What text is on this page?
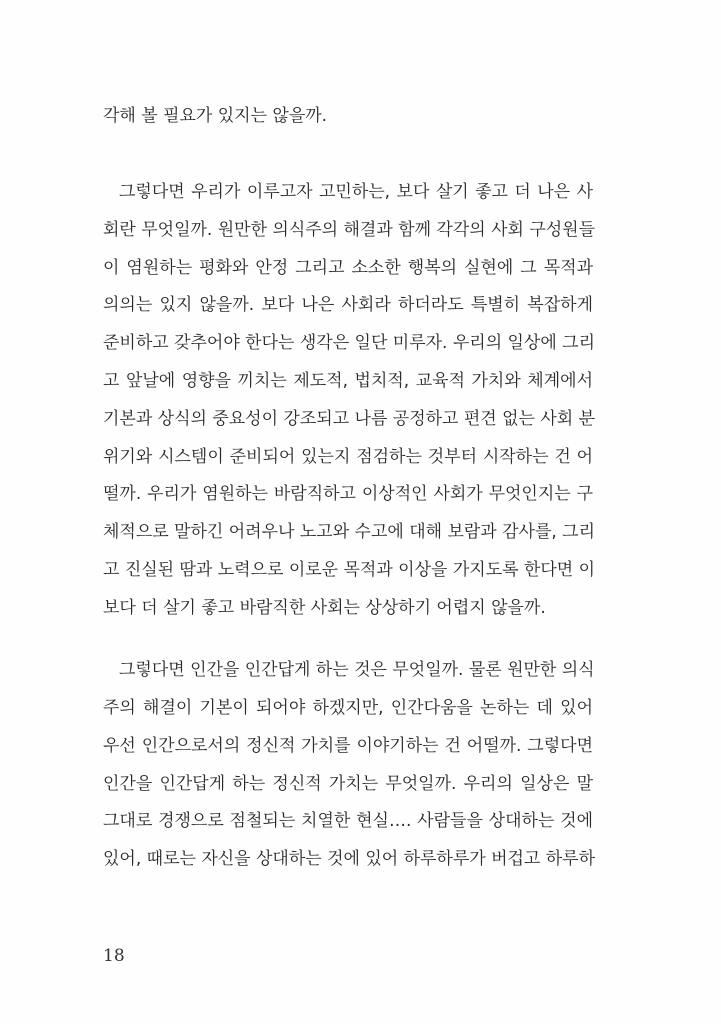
각해 볼 필요가 있지는 않을까.
그렇다면 우리가 이루고자 고민하는, 보다 살기 좋고 더 나은 사
회란 무엇일까. 원만한 의식주의 해결과 함께 각각의 사회 구성원들
이 염원하는 평화와 안정 그리고 소소한 행복의 실현에 그 목적과
의의는 있지 않을까. 보다 나은 사회라 하더라도 특별히 복잡하게
준비하고 갖추어야 한다는 생각은 일단 미루자. 우리의 일상에 그리
고 앞날에 영향을 끼치는 제도적, 법치적, 교육적 가치와 체계에서
기본과 상식의 중요성이 강조되고 나름 공정하고 편견 없는 사회 분
위기와 시스템이 준비되어 있는지 점검하는 것부터 시작하는 건 어
떨까. 우리가 염원하는 바람직하고 이상적인 사회가 무엇인지는 구
체적으로 말하긴 어려우나 노고와 수고에 대해 보람과 감사를, 그리
고 진실된 땀과 노력으로 이로운 목적과 이상을 가지도록 한다면 이
보다 더 살기 좋고 바람직한 사회는 상상하기 어렵지 않을까.
그렇다면 인간을 인간답게 하는 것은 무엇일까. 물론 원만한 의식
주의 해결이 기본이 되어야 하겠지만, 인간다움을 논하는 데 있어
우선 인간으로서의 정신적 가치를 이야기하는 건 어떨까. 그렇다면
인간을 인간답게 하는 정신적 가치는 무엇일까. 우리의 일상은 말
그대로 경쟁으로 점철되는 치열한 현실…. 사람들을 상대하는 것에
있어, 때로는 자신을 상대하는 것에 있어 하루하루가 버겁고 하루하
18
